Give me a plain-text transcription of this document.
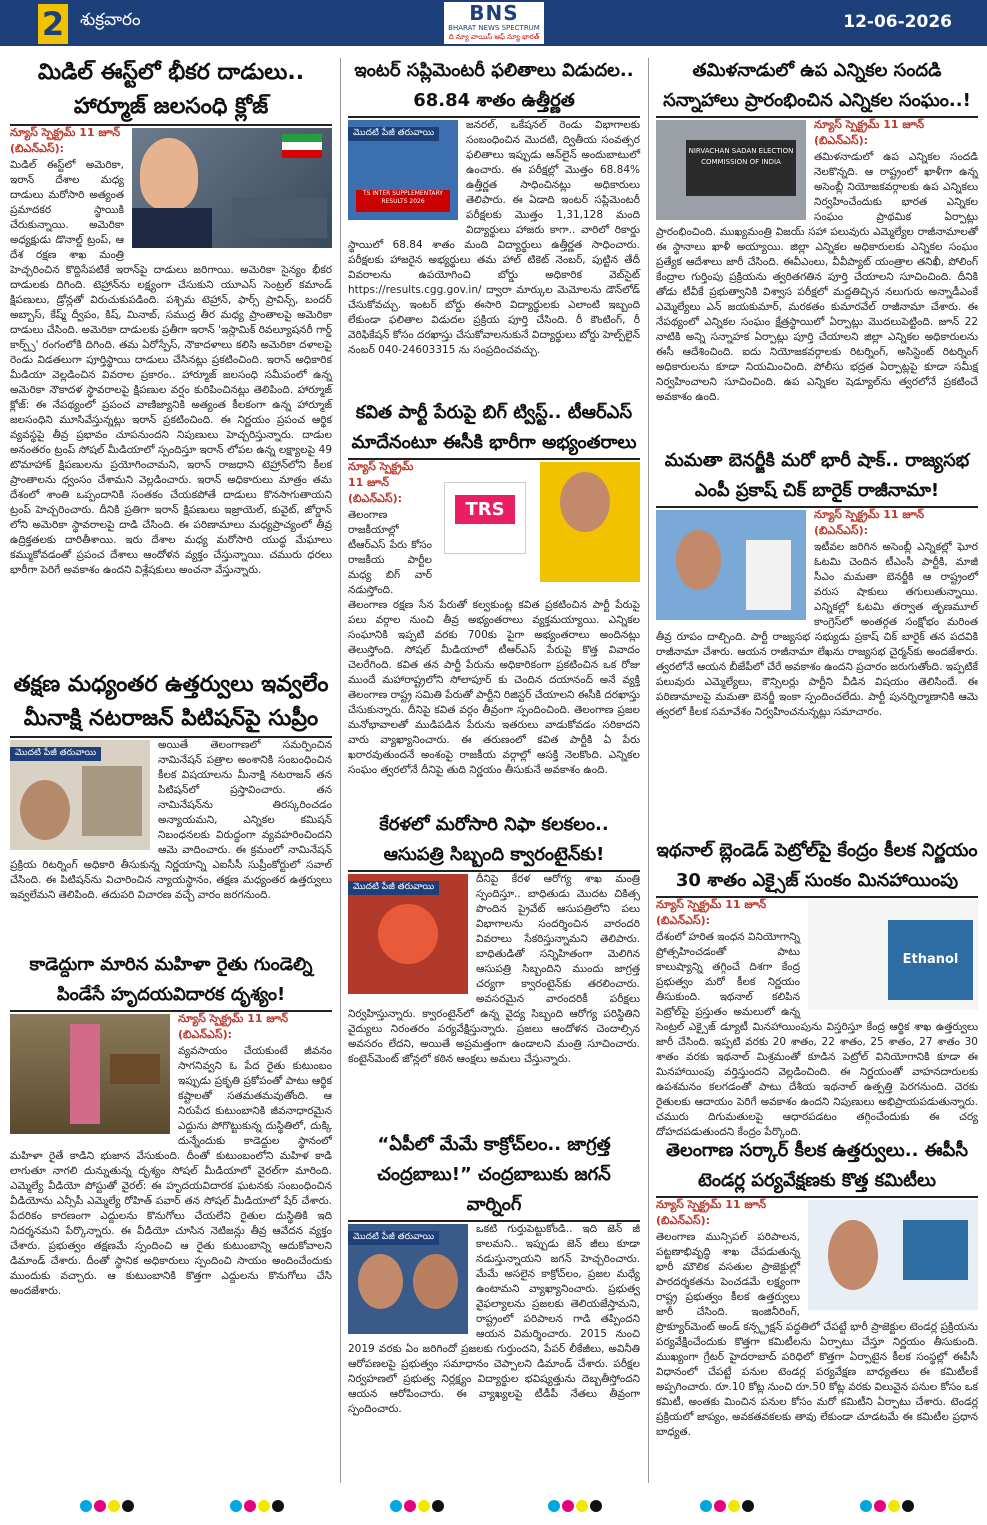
2 శుక్రవారం	BNS
BHARAT NEWS SPECTRUM
ది న్యూ వాయిస్ ఆఫ్ న్యూ భారత్
12-06-2026
మిడిల్ ఈస్ట్‌లో భీకర దాడులు.. హార్మూజ్ జలసంధి క్లోజ్
న్యూస్ స్పెక్ట్రమ్ 11 జూన్ (బిఎన్ఎస్):
మిడిల్ ఈస్ట్‌లో అమెరికా, ఇరాన్ దేశాల మధ్య దాడులు మరోసారి అత్యంత ప్రమాదకర స్థాయికి చేరుకున్నాయి. అమెరికా అధ్యక్షుడు డొనాల్డ్ ట్రంప్, ఆ దేశ రక్షణ శాఖ మంత్రి హెచ్చరించిన కొద్దిసేపటికే ఇరాన్‌పై దాడులు జరిగాయి. అమెరికా సైన్యం భీకర దాడులకు దిగింది. టెహ్రాన్‌ను లక్ష్యంగా చేసుకుని యూఎస్ సెంట్రల్ కమాండ్ క్షిపణులు, డ్రోన్లతో విరుచుకుపడింది. పశ్చిమ టెహ్రాన్, ఫార్స్ ప్రావిన్స్, బందర్ అబ్బాస్, కేష్మ్ ద్వీపం, కిష్, మినాబ్, సముద్ర తీర మధ్య ప్రాంతాలపై అమెరికా దాడులు చేసింది. అమెరికా దాడులకు ప్రతీగా ఇరాన్ 'ఇస్లామిక్ రివల్యూషనరీ గార్డ్ కార్ప్స్' రంగంలోకి దిగింది. తమ ఏరోస్పేస్, నౌకాదళాలు కలిసి అమెరికా దళాలపై రెండు విడతలుగా పూర్తిస్థాయి దాడులు చేసినట్లు ప్రకటించింది. ఇరాన్ అధికారిక మీడియా వెల్లడించిన వివరాల ప్రకారం.. హార్మూజ్ జలసంధి సమీపంలో ఉన్న అమెరికా నౌకాదళ స్థావరాలపై క్షిపణుల వర్షం కురిపించినట్లు తెలిపింది. హార్మూజ్ క్లోజ్: ఈ నేపథ్యంలో ప్రపంచ వాణిజ్యానికి అత్యంత కీలకంగా ఉన్న హార్మూజ్ జలసంధిని మూసివేస్తున్నట్లు ఇరాన్ ప్రకటించింది. ఈ నిర్ణయం ప్రపంచ ఆర్థిక వ్యవస్థపై తీవ్ర ప్రభావం చూపనుందని నిపుణులు హెచ్చరిస్తున్నారు. దాడుల అనంతరం ట్రంప్ సోషల్ మీడియాలో స్పందిస్తూ ఇరాన్ లోపల ఉన్న లక్ష్యాలపై 49 టొమాహాక్ క్షిపణులను ప్రయోగించామని, ఇరాన్ రాజధాని టెహ్రాన్‌లోని కీలక ప్రాంతాలను ధ్వంసం చేశామని వెల్లడించారు. ఇరాన్ అధికారులు మాత్రం తమ దేశంలో శాంతి ఒప్పందానికి సంతకం చేయకపోతే దాడులు కొనసాగుతాయని ట్రంప్ హెచ్చరించారు. దీనికి ప్రతిగా ఇరాన్ క్షిపణులు ఇజ్రాయెల్, కువైట్, జోర్డాన్ లోని అమెరికా స్థావరాలపై దాడి చేసింది. ఈ పరిణామాలు మధ్యప్రాచ్యంలో తీవ్ర ఉద్రిక్తతలకు దారితీశాయి. ఇరు దేశాల మధ్య మరోసారి యుద్ధ మేఘాలు కమ్ముకోవడంతో ప్రపంచ దేశాలు ఆందోళన వ్యక్తం చేస్తున్నాయి. చమురు ధరలు భారీగా పెరిగే అవకాశం ఉందని విశ్లేషకులు అంచనా వేస్తున్నారు.
తక్షణ మధ్యంతర ఉత్తర్వులు ఇవ్వలేం మీనాక్షి నటరాజన్ పిటిషన్‌పై సుప్రీం
మొదటి పేజీ తరువాయి
అయితే తెలంగాణలో సమర్పించిన నామినేషన్ పత్రాల అంశానికి సంబంధించిన కీలక విషయాలను మీనాక్షి నటరాజన్ తన పిటిషన్‌లో ప్రస్తావించారు. తన నామినేషన్‌ను తిరస్కరించడం అన్యాయమని, ఎన్నికల కమిషన్ నిబంధనలకు విరుద్ధంగా వ్యవహరించిందని ఆమె వాదించారు. ఈ క్రమంలో నామినేషన్ ప్రక్రియ రిటర్నింగ్ అధికారి తీసుకున్న నిర్ణయాన్ని ఎఐసీసీ సుప్రీంకోర్టులో సవాల్ చేసింది. ఈ పిటిషన్‌ను విచారించిన న్యాయస్థానం, తక్షణ మధ్యంతర ఉత్తర్వులు ఇవ్వలేమని తెలిపింది. తదుపరి విచారణ వచ్చే వారం జరగనుంది.
కాడెద్దుగా మారిన మహిళా రైతు గుండెల్ని పిండేసే హృదయవిదారక దృశ్యం!
న్యూస్ స్పెక్ట్రమ్ 11 జూన్ (బిఎన్ఎస్):
వ్యవసాయం చేయకుంటే జీవనం సాగనివ్వని ఓ పేద రైతు కుటుంబం ఇప్పుడు ప్రకృతి ప్రకోపంతో పాటు ఆర్థిక కష్టాలతో సతమతమవుతోంది. ఆ నిరుపేద కుటుంబానికి జీవనాధారమైన ఎద్దును పోగొట్టుకున్న దుస్థితిలో, దుక్కి దున్నేందుకు కాడెద్దుల స్థానంలో మహిళా రైతే కాడిని భుజాన వేసుకుంది. దీంతో కుటుంబంలోని మహిళ కాడి లాగుతూ నాగలి దున్నుతున్న దృశ్యం సోషల్ మీడియాలో వైరల్‌గా మారింది. ఎమ్మెల్యే వీడియో పోస్టుతో వైరల్: ఈ హృదయవిదారక ఘటనకు సంబంధించిన వీడియోను ఎన్సీపీ ఎమ్మెల్యే రోహిత్ పవార్ తన సోషల్ మీడియాలో షేర్ చేశారు. పేదరికం కారణంగా ఎద్దులను కొనుగోలు చేయలేని రైతుల దుస్థితికి ఇది నిదర్శనమని పేర్కొన్నారు. ఈ వీడియో చూసిన నెటిజన్లు తీవ్ర ఆవేదన వ్యక్తం చేశారు. ప్రభుత్వం తక్షణమే స్పందించి ఆ రైతు కుటుంబాన్ని ఆదుకోవాలని డిమాండ్ చేశారు. దీంతో స్థానిక అధికారులు స్పందించి సాయం అందించేందుకు ముందుకు వచ్చారు. ఆ కుటుంబానికి కొత్తగా ఎద్దులను కొనుగోలు చేసి అందజేశారు.
ఇంటర్ సప్లిమెంటరీ ఫలితాలు విడుదల.. 68.84 శాతం ఉత్తీర్ణత
మొదటి పేజీ తరువాయి
TS INTER SUPPLEMENTARY RESULTS 2026
జనరల్, ఒకేషనల్ రెండు విభాగాలకు సంబంధించిన మొదటి, ద్వితీయ సంవత్సర ఫలితాలు ఇప్పుడు ఆన్‌లైన్ అందుబాటులో ఉంచారు. ఈ పరీక్షల్లో మొత్తం 68.84% ఉత్తీర్ణత సాధించినట్లు అధికారులు తెలిపారు. ఈ ఏడాది ఇంటర్ సప్లిమెంటరీ పరీక్షలకు మొత్తం 1,31,128 మంది విద్యార్థులు హాజరు కాగా.. వారిలో రికార్డు స్థాయిలో 68.84 శాతం మంది విద్యార్థులు ఉత్తీర్ణత సాధించారు. పరీక్షలకు హాజరైన అభ్యర్థులు తమ హాల్ టికెట్ నెంబర్, పుట్టిన తేదీ వివరాలను ఉపయోగించి బోర్డు అధికారిక వెబ్‌సైట్ https://results.cgg.gov.in/ ద్వారా మార్కుల మెమోలను డౌన్‌లోడ్ చేసుకోవచ్చు. ఇంటర్ బోర్డు ఈసారి విద్యార్థులకు ఎలాంటి ఇబ్బంది లేకుండా ఫలితాల విడుదల ప్రక్రియ పూర్తి చేసింది. రీ కౌంటింగ్, రీ వెరిఫికేషన్ కోసం దరఖాస్తు చేసుకోవాలనుకునే విద్యార్థులు బోర్డు హెల్ప్‌లైన్ నంబర్ 040-24603315 ను సంప్రదించవచ్చు.
కవిత పార్టీ పేరుపై బిగ్ ట్విస్ట్.. టీఆర్ఎస్ మాదేనంటూ ఈసీకి భారీగా అభ్యంతరాలు
TRS
న్యూస్ స్పెక్ట్రమ్ 11 జూన్ (బిఎన్ఎస్):
తెలంగాణ రాజకీయాల్లో టీఆర్ఎస్ పేరు కోసం రాజకీయ పార్టీల మధ్య బిగ్ వార్ నడుస్తోంది. తెలంగాణ రక్షణ సేన పేరుతో కల్వకుంట్ల కవిత ప్రకటించిన పార్టీ పేరుపై పలు వర్గాల నుంచి తీవ్ర అభ్యంతరాలు వ్యక్తమయ్యాయి. ఎన్నికల సంఘానికి ఇప్పటి వరకు 700కు పైగా అభ్యంతరాలు అందినట్లు తెలుస్తోంది. సోషల్ మీడియాలో టీఆర్ఎస్ పేరుపై కొత్త వివాదం చెలరేగింది. కవిత తన పార్టీ పేరును అధికారికంగా ప్రకటించిన ఒక రోజు ముందే మహారాష్ట్రలోని సోలాపూర్ కు చెందిన దయానంద్ అనే వ్యక్తి తెలంగాణ రాష్ట్ర సమితి పేరుతో పార్టీని రిజిస్టర్ చేయాలని ఈసీకి దరఖాస్తు చేసుకున్నారు. దీనిపై కవిత వర్గం తీవ్రంగా స్పందించింది. తెలంగాణ ప్రజల మనోభావాలతో ముడిపడిన పేరును ఇతరులు వాడుకోవడం సరికాదని వారు వ్యాఖ్యానించారు. ఈ తరుణంలో కవిత పార్టీకి ఏ పేరు ఖరారవుతుందనే అంశంపై రాజకీయ వర్గాల్లో ఆసక్తి నెలకొంది. ఎన్నికల సంఘం త్వరలోనే దీనిపై తుది నిర్ణయం తీసుకునే అవకాశం ఉంది.
కేరళలో మరోసారి నిఫా కలకలం.. ఆసుపత్రి సిబ్బంది క్వారంటైన్‌కు!
మొదటి పేజీ తరువాయి
దీనిపై కేరళ ఆరోగ్య శాఖ మంత్రి స్పందిస్తూ.. బాధితుడు మొదట చికిత్స పొందిన ప్రైవేట్ ఆసుపత్రిలోని పలు విభాగాలను సందర్శించిన వారందరి వివరాలు సేకరిస్తున్నామని తెలిపారు. బాధితుడితో సన్నిహితంగా మెలిగిన ఆసుపత్రి సిబ్బందిని ముందు జాగ్రత్త చర్యగా క్వారంటైన్‌కు తరలించారు. అవసరమైన వారందరికీ పరీక్షలు నిర్వహిస్తున్నారు. క్వారంటైన్‌లో ఉన్న వైద్య సిబ్బంది ఆరోగ్య పరిస్థితిని వైద్యులు నిరంతరం పర్యవేక్షిస్తున్నారు. ప్రజలు ఆందోళన చెందాల్సిన అవసరం లేదని, అయితే అప్రమత్తంగా ఉండాలని మంత్రి సూచించారు. కంటైన్‌మెంట్ జోన్లలో కఠిన ఆంక్షలు అమలు చేస్తున్నారు.
“ఏపీలో మేమే కాక్రోచ్‌లం.. జాగ్రత్త చంద్రబాబు!” చంద్రబాబుకు జగన్ వార్నింగ్
మొదటి పేజీ తరువాయి
ఒకటి గుర్తుపెట్టుకోండి.. ఇది జెన్ జీ కాలమని.. ఇప్పుడు జెన్ జీలు కూడా నడుస్తున్నాయని జగన్ హెచ్చరించారు. మేమే అసలైన కాక్రోచ్‌లం, ప్రజల మధ్యే ఉంటామని వ్యాఖ్యానించారు. ప్రభుత్వ వైఫల్యాలను ప్రజలకు తెలియజేస్తామని, రాష్ట్రంలో పరిపాలన గాడి తప్పిందని ఆయన విమర్శించారు. 2015 నుంచి 2019 వరకు ఏం జరిగిందో ప్రజలకు గుర్తుందని, పేపర్ లీకేజీలు, అవినీతి ఆరోపణలపై ప్రభుత్వం సమాధానం చెప్పాలని డిమాండ్ చేశారు. పరీక్షల నిర్వహణలో ప్రభుత్వ నిర్లక్ష్యం విద్యార్థుల భవిష్యత్తును దెబ్బతీస్తోందని ఆయన ఆరోపించారు. ఈ వ్యాఖ్యలపై టీడీపీ నేతలు తీవ్రంగా స్పందించారు.
తమిళనాడులో ఉప ఎన్నికల సందడి సన్నాహాలు ప్రారంభించిన ఎన్నికల సంఘం..!
NIRVACHAN SADAN ELECTION COMMISSION OF INDIA
న్యూస్ స్పెక్ట్రమ్ 11 జూన్ (బిఎన్ఎస్):
తమిళనాడులో ఉప ఎన్నికల సందడి నెలకొన్నది. ఆ రాష్ట్రంలో ఖాళీగా ఉన్న అసెంబ్లీ నియోజకవర్గాలకు ఉప ఎన్నికలు నిర్వహించేందుకు భారత ఎన్నికల సంఘం ప్రాథమిక ఏర్పాట్లు ప్రారంభించింది. ముఖ్యమంత్రి విజయ్ సహా పలువురు ఎమ్మెల్యేల రాజీనామాలతో ఈ స్థానాలు ఖాళీ అయ్యాయి. జిల్లా ఎన్నికల అధికారులకు ఎన్నికల సంఘం ప్రత్యేక ఆదేశాలు జారీ చేసింది. ఈవీఎంలు, వీవీప్యాట్ యంత్రాల తనిఖీ, పోలింగ్ కేంద్రాల గుర్తింపు ప్రక్రియను త్వరితగతిన పూర్తి చేయాలని సూచించింది. దీనికి తోడు టీవీకే ప్రభుత్వానికి విశ్వాస పరీక్షలో మద్దతిచ్చిన నలుగురు అన్నాడీఎంకే ఎమ్మెల్యేలు ఎన్ జయకుమార్, మరకతం కుమారవేల్ రాజీనామా చేశారు. ఈ నేపథ్యంలో ఎన్నికల సంఘం క్షేత్రస్థాయిలో ఏర్పాట్లు మొదలుపెట్టింది. జూన్ 22 నాటికి అన్ని సన్నాహక ఏర్పాట్లు పూర్తి చేయాలని జిల్లా ఎన్నికల అధికారులను ఈసీ ఆదేశించింది. ఐదు నియోజకవర్గాలకు రిటర్నింగ్, అసిస్టెంట్ రిటర్నింగ్ అధికారులను కూడా నియమించింది. పోలీసు భద్రత ఏర్పాట్లపై కూడా సమీక్ష నిర్వహించాలని సూచించింది. ఉప ఎన్నికల షెడ్యూల్‌ను త్వరలోనే ప్రకటించే అవకాశం ఉంది.
మమతా బెనర్జీకి మరో భారీ షాక్.. రాజ్యసభ ఎంపీ ప్రకాష్ చిక్ బారైక్ రాజీనామా!
న్యూస్ స్పెక్ట్రమ్ 11 జూన్ (బిఎన్ఎస్):
ఇటీవల జరిగిన అసెంబ్లీ ఎన్నికల్లో ఘోర ఓటమి చెందిన టీఎంసీ పార్టీకి, మాజీ సీఎం మమతా బెనర్జీకి ఆ రాష్ట్రంలో వరుస షాకులు తగులుతున్నాయి. ఎన్నికల్లో ఓటమి తర్వాత తృణమూల్ కాంగ్రెస్‌లో అంతర్గత సంక్షోభం మరింత తీవ్ర రూపం దాల్చింది. పార్టీ రాజ్యసభ సభ్యుడు ప్రకాష్ చిక్ బారైక్ తన పదవికి రాజీనామా చేశారు. ఆయన రాజీనామా లేఖను రాజ్యసభ చైర్మన్‌కు అందజేశారు. త్వరలోనే ఆయన బీజేపీలో చేరే అవకాశం ఉందని ప్రచారం జరుగుతోంది. ఇప్పటికే పలువురు ఎమ్మెల్యేలు, కౌన్సిలర్లు పార్టీని వీడిన విషయం తెలిసిందే. ఈ పరిణామాలపై మమతా బెనర్జీ ఇంకా స్పందించలేదు. పార్టీ పునర్నిర్మాణానికి ఆమె త్వరలో కీలక సమావేశం నిర్వహించనున్నట్లు సమాచారం.
ఇథనాల్ బ్లెండెడ్ పెట్రోల్‌పై కేంద్రం కీలక నిర్ణయం 30 శాతం ఎక్సైజ్ సుంకం మినహాయింపు
Ethanol
న్యూస్ స్పెక్ట్రమ్ 11 జూన్ (బిఎన్ఎస్):
దేశంలో హరిత ఇంధన వినియోగాన్ని ప్రోత్సహించడంతో పాటు కాలుష్యాన్ని తగ్గించే దిశగా కేంద్ర ప్రభుత్వం మరో కీలక నిర్ణయం తీసుకుంది. ఇథనాల్ కలిపిన పెట్రోల్‌పై ప్రస్తుతం అమలులో ఉన్న సెంట్రల్ ఎక్సైజ్ డ్యూటీ మినహాయింపును విస్తరిస్తూ కేంద్ర ఆర్థిక శాఖ ఉత్తర్వులు జారీ చేసింది. ఇప్పటి వరకు 20 శాతం, 22 శాతం, 25 శాతం, 27 శాతం 30 శాతం వరకు ఇథనాల్ మిశ్రమంతో కూడిన పెట్రోల్ వినియోగానికి కూడా ఈ మినహాయింపు వర్తిస్తుందని వెల్లడించింది. ఈ నిర్ణయంతో వాహనదారులకు ఉపశమనం కలగడంతో పాటు దేశీయ ఇథనాల్ ఉత్పత్తి పెరగనుంది. చెరకు రైతులకు ఆదాయం పెరిగే అవకాశం ఉందని నిపుణులు అభిప్రాయపడుతున్నారు. చమురు దిగుమతులపై ఆధారపడటం తగ్గించేందుకు ఈ చర్య దోహదపడుతుందని కేంద్రం పేర్కొంది.
తెలంగాణ సర్కార్ కీలక ఉత్తర్వులు.. ఈపీసీ టెండర్ల పర్యవేక్షణకు కొత్త కమిటీలు
న్యూస్ స్పెక్ట్రమ్ 11 జూన్ (బిఎన్ఎస్):
తెలంగాణ మున్సిపల్ పరిపాలన, పట్టణాభివృద్ధి శాఖ చేపడుతున్న భారీ మౌలిక వసతుల ప్రాజెక్టుల్లో పారదర్శకతను పెంచడమే లక్ష్యంగా రాష్ట్ర ప్రభుత్వం కీలక ఉత్తర్వులు జారీ చేసింది. ఇంజినీరింగ్, ప్రొక్యూర్‌మెంట్ అండ్ కన్స్ట్రక్షన్ పద్ధతిలో చేపట్టే భారీ ప్రాజెక్టుల టెండర్ల ప్రక్రియను పర్యవేక్షించేందుకు కొత్తగా కమిటీలను ఏర్పాటు చేస్తూ నిర్ణయం తీసుకుంది. ముఖ్యంగా గ్రేటర్ హైదరాబాద్ పరిధిలో కొత్తగా ఏర్పాటైన కీలక సంస్థల్లో ఈపీసీ విధానంలో చేపట్టే పనుల టెండర్ల పర్యవేక్షణ బాధ్యతలు ఈ కమిటీలకే అప్పగించారు. రూ.10 కోట్ల నుంచి రూ.50 కోట్ల వరకు విలువైన పనుల కోసం ఒక కమిటీ, అంతకు మించిన పనుల కోసం మరో కమిటీని ఏర్పాటు చేశారు. టెండర్ల ప్రక్రియలో జాప్యం, అవకతవకలకు తావు లేకుండా చూడటమే ఈ కమిటీల ప్రధాన బాధ్యత.
